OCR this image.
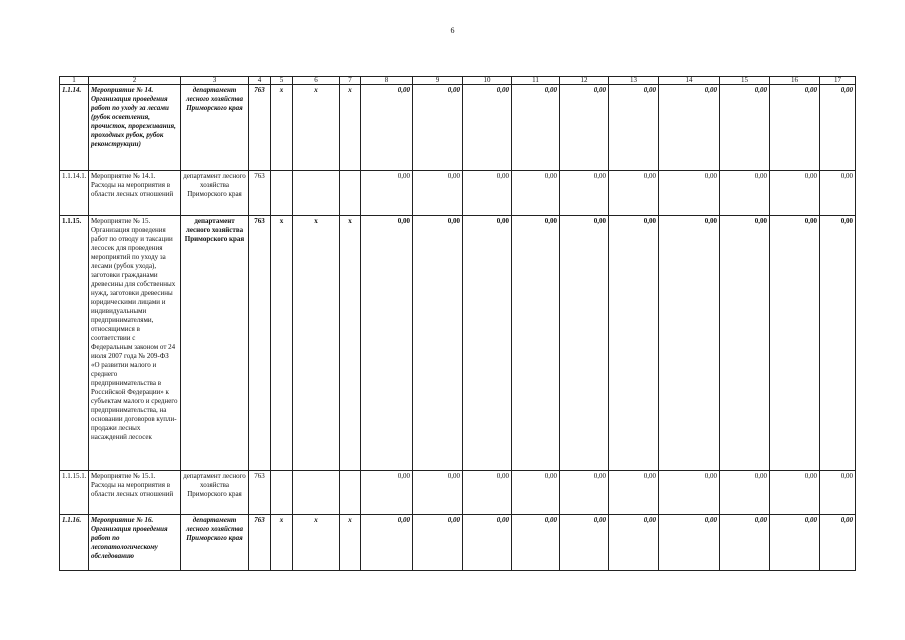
6
1	2	3	4	5	6	7	8	9	10	11	12	13	14	15	16	17
1.1.14.	Мероприятие № 14. Организация проведения работ по уходу за лесами (рубок осветления, прочисток, прореживания, проходных рубок, рубок реконструкции)	департамент лесного хозяйства Приморского края	763	х	х	х	0,00	0,00	0,00	0,00	0,00	0,00	0,00	0,00	0,00	0,00
1.1.14.1.	Мероприятие № 14.1. Расходы на мероприятия в области лесных отношений	департамент лесного хозяйства Приморского края	763				0,00	0,00	0,00	0,00	0,00	0,00	0,00	0,00	0,00	0,00
1.1.15.	Мероприятие № 15. Организация проведения работ по отводу и таксации лесосек для проведения мероприятий по уходу за лесами (рубок ухода), заготовки гражданами древесины для собственных нужд, заготовки древесины юридическими лицами и индивидуальными предпринимателями, относящимися в соответствии с Федеральным законом от 24 июля 2007 года № 209-ФЗ «О развитии малого и среднего предпринимательства в Российской Федерации» к субъектам малого и среднего предпринимательства, на основании договоров купли-продажи лесных насаждений лесосек	департамент лесного хозяйства Приморского края	763	х	х	х	0,00	0,00	0,00	0,00	0,00	0,00	0,00	0,00	0,00	0,00
1.1.15.1.	Мероприятие № 15.1. Расходы на мероприятия в области лесных отношений	департамент лесного хозяйства Приморского края	763				0,00	0,00	0,00	0,00	0,00	0,00	0,00	0,00	0,00	0,00
1.1.16.	Мероприятие № 16. Организация проведения работ по лесопатологическому обследованию	департамент лесного хозяйства Приморского края	763	х	х	х	0,00	0,00	0,00	0,00	0,00	0,00	0,00	0,00	0,00	0,00
